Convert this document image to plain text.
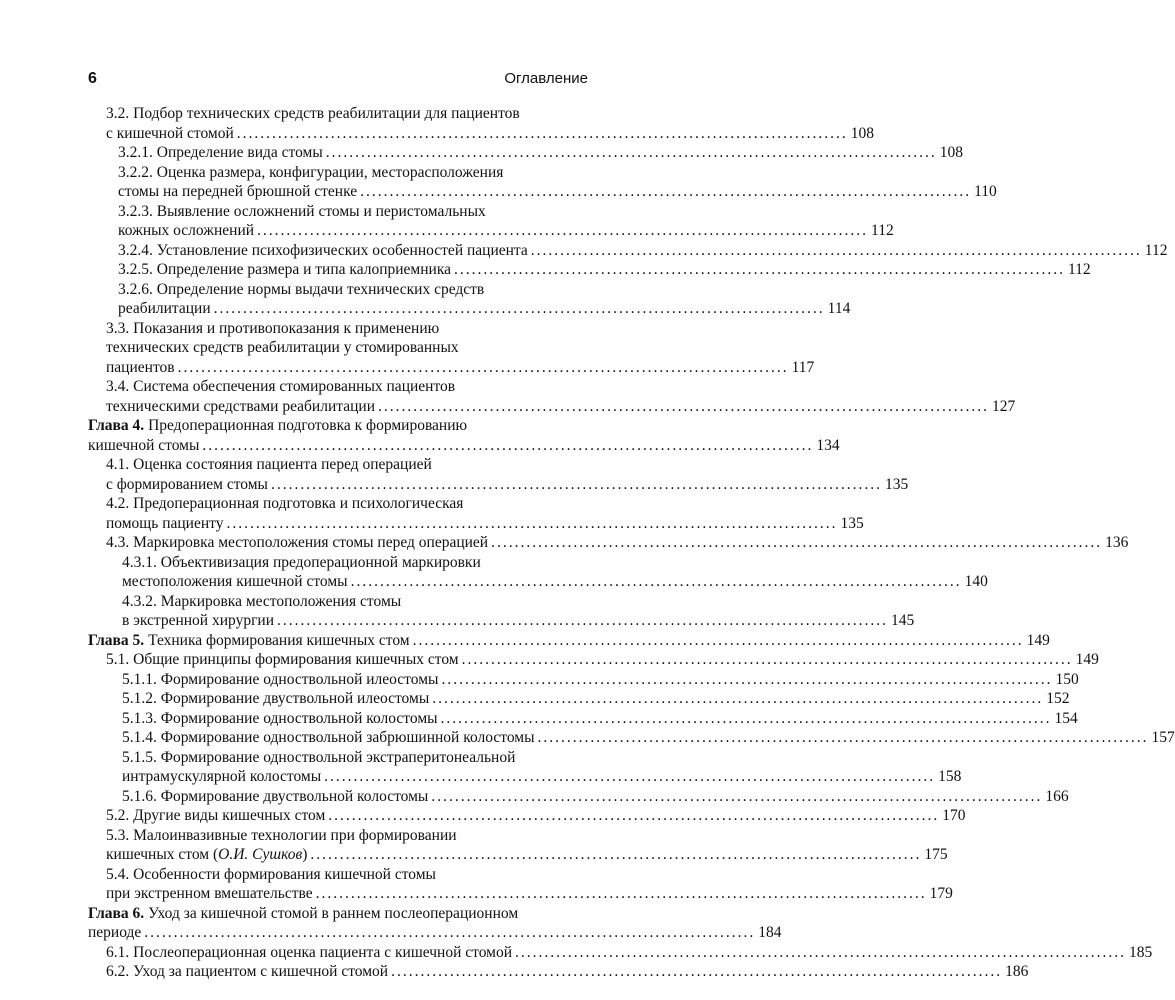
6	Оглавление
3.2. Подбор технических средств реабилитации для пациентов
с кишечной стомой ........................................................................................................ 108
3.2.1. Определение вида стомы ........................................................................................................ 108
3.2.2. Оценка размера, конфигурации, месторасположения
стомы на передней брюшной стенке ........................................................................................................ 110
3.2.3. Выявление осложнений стомы и перистомальных
кожных осложнений ........................................................................................................ 112
3.2.4. Установление психофизических особенностей пациента ........................................................................................................ 112
3.2.5. Определение размера и типа калоприемника ........................................................................................................ 112
3.2.6. Определение нормы выдачи технических средств
реабилитации ........................................................................................................ 114
3.3. Показания и противопоказания к применению
технических средств реабилитации у стомированных
пациентов ........................................................................................................ 117
3.4. Система обеспечения стомированных пациентов
техническими средствами реабилитации ........................................................................................................ 127
Глава 4.
Предоперационная подготовка к формированию
кишечной стомы ........................................................................................................ 134
4.1. Оценка состояния пациента перед операцией
с формированием стомы ........................................................................................................ 135
4.2. Предоперационная подготовка и психологическая
помощь пациенту ........................................................................................................ 135
4.3. Маркировка местоположения стомы перед операцией ........................................................................................................ 136
4.3.1. Объективизация предоперационной маркировки
местоположения кишечной стомы ........................................................................................................ 140
4.3.2. Маркировка местоположения стомы
в экстренной хирургии ........................................................................................................ 145
Глава 5. Техника формирования кишечных стом ........................................................................................................ 149
5.1. Общие принципы формирования кишечных стом ........................................................................................................ 149
5.1.1. Формирование одноствольной илеостомы ........................................................................................................ 150
5.1.2. Формирование двуствольной илеостомы ........................................................................................................ 152
5.1.3. Формирование одноствольной колостомы ........................................................................................................ 154
5.1.4. Формирование одноствольной забрюшинной колостомы ........................................................................................................ 157
5.1.5. Формирование одноствольной экстраперитонеальной
интрамускулярной колостомы ........................................................................................................ 158
5.1.6. Формирование двуствольной колостомы ........................................................................................................ 166
5.2. Другие виды кишечных стом ........................................................................................................ 170
5.3. Малоинвазивные технологии при формировании
кишечных стом (О.И. Сушков) ........................................................................................................ 175
5.4. Особенности формирования кишечной стомы
при экстренном вмешательстве ........................................................................................................ 179
Глава 6.
Уход за кишечной стомой в раннем послеоперационном
периоде ........................................................................................................ 184
6.1. Послеоперационная оценка пациента с кишечной стомой ........................................................................................................ 185
6.2. Уход за пациентом с кишечной стомой ........................................................................................................ 186
